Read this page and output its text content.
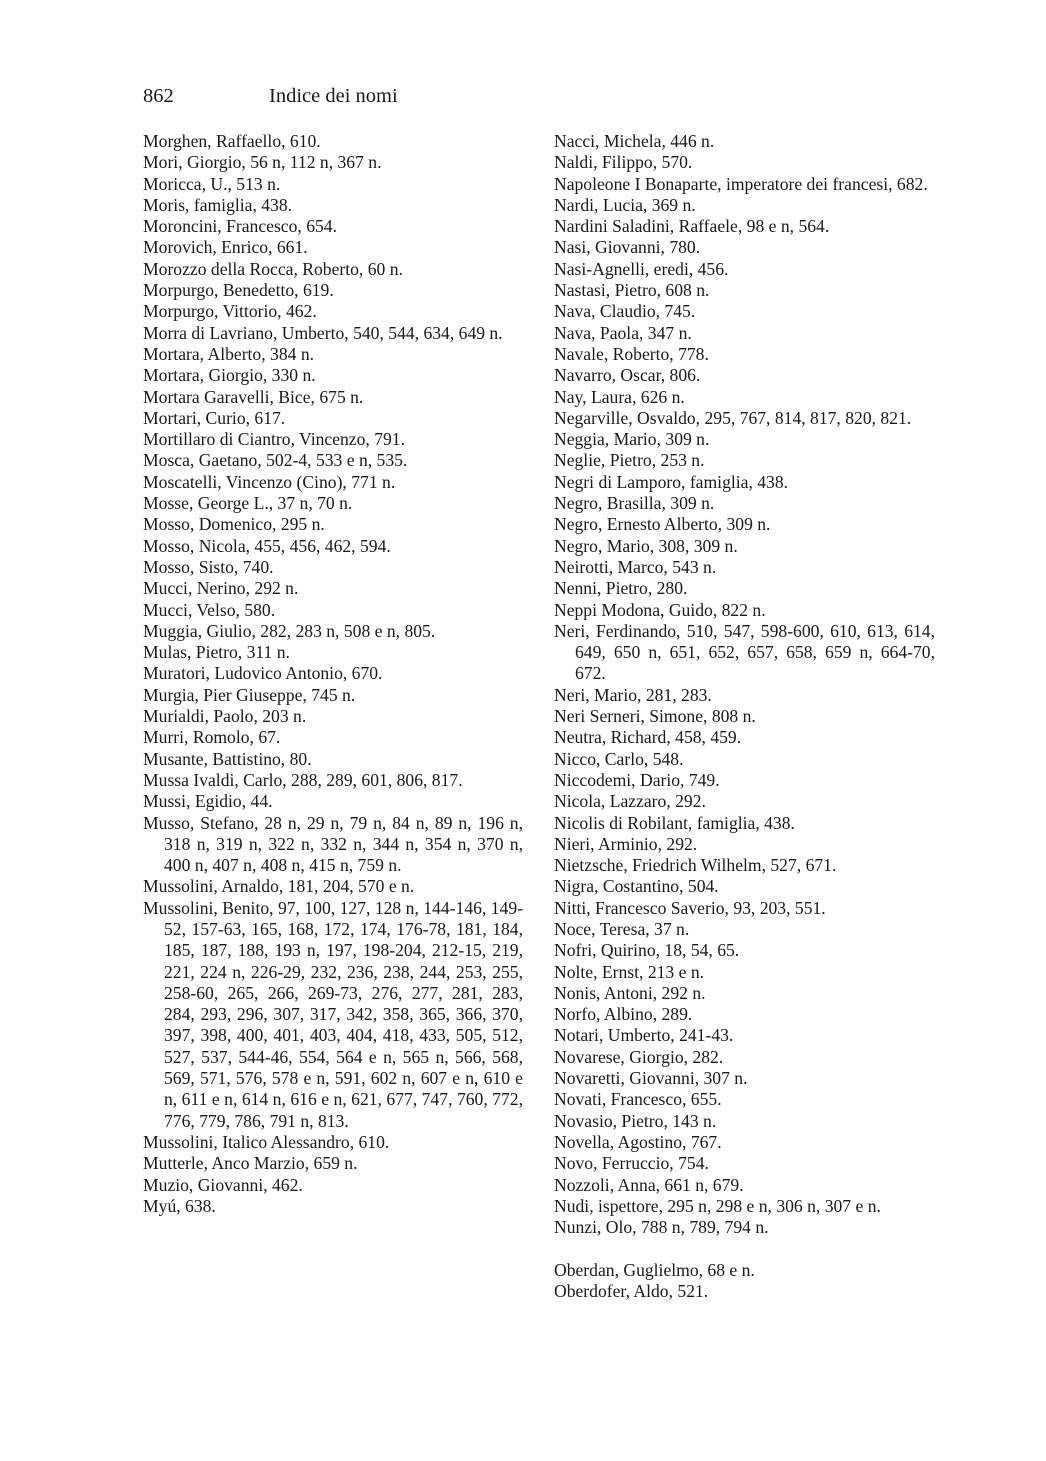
862	Indice dei nomi

Morghen, Raffaello, 610.

Mori, Giorgio, 56 n, 112 n, 367 n.

Moricca, U., 513 n.

Moris, famiglia, 438.

Moroncini, Francesco, 654.

Morovich, Enrico, 661.

Morozzo della Rocca, Roberto, 60 n.

Morpurgo, Benedetto, 619.

Morpurgo, Vittorio, 462.

Morra di Lavriano, Umberto, 540, 544, 634, 649 n.

Mortara, Alberto, 384 n.

Mortara, Giorgio, 330 n.

Mortara Garavelli, Bice, 675 n.

Mortari, Curio, 617.

Mortillaro di Ciantro, Vincenzo, 791.

Mosca, Gaetano, 502-4, 533 e n, 535.

Moscatelli, Vincenzo (Cino), 771 n.

Mosse, George L., 37 n, 70 n.

Mosso, Domenico, 295 n.

Mosso, Nicola, 455, 456, 462, 594.

Mosso, Sisto, 740.

Mucci, Nerino, 292 n.

Mucci, Velso, 580.

Muggia, Giulio, 282, 283 n, 508 e n, 805.

Mulas, Pietro, 311 n.

Muratori, Ludovico Antonio, 670.

Murgia, Pier Giuseppe, 745 n.

Murialdi, Paolo, 203 n.

Murri, Romolo, 67.

Musante, Battistino, 80.

Mussa Ivaldi, Carlo, 288, 289, 601, 806, 817.

Mussi, Egidio, 44.

Musso, Stefano, 28 n, 29 n, 79 n, 84 n, 89 n, 196 n, 318 n, 319 n, 322 n, 332 n, 344 n, 354 n, 370 n, 400 n, 407 n, 408 n, 415 n, 759 n.

Mussolini, Arnaldo, 181, 204, 570 e n.

Mussolini, Benito, 97, 100, 127, 128 n, 144-146, 149-52, 157-63, 165, 168, 172, 174, 176-78, 181, 184, 185, 187, 188, 193 n, 197, 198-204, 212-15, 219, 221, 224 n, 226-29, 232, 236, 238, 244, 253, 255, 258-60, 265, 266, 269-73, 276, 277, 281, 283, 284, 293, 296, 307, 317, 342, 358, 365, 366, 370, 397, 398, 400, 401, 403, 404, 418, 433, 505, 512, 527, 537, 544-46, 554, 564 e n, 565 n, 566, 568, 569, 571, 576, 578 e n, 591, 602 n, 607 e n, 610 e n, 611 e n, 614 n, 616 e n, 621, 677, 747, 760, 772, 776, 779, 786, 791 n, 813.

Mussolini, Italico Alessandro, 610.

Mutterle, Anco Marzio, 659 n.

Muzio, Giovanni, 462.

Myú, 638.

Nacci, Michela, 446 n.

Naldi, Filippo, 570.

Napoleone I Bonaparte, imperatore dei francesi, 682.

Nardi, Lucia, 369 n.

Nardini Saladini, Raffaele, 98 e n, 564.

Nasi, Giovanni, 780.

Nasi-Agnelli, eredi, 456.

Nastasi, Pietro, 608 n.

Nava, Claudio, 745.

Nava, Paola, 347 n.

Navale, Roberto, 778.

Navarro, Oscar, 806.

Nay, Laura, 626 n.

Negarville, Osvaldo, 295, 767, 814, 817, 820, 821.

Neggia, Mario, 309 n.

Neglie, Pietro, 253 n.

Negri di Lamporo, famiglia, 438.

Negro, Brasilla, 309 n.

Negro, Ernesto Alberto, 309 n.

Negro, Mario, 308, 309 n.

Neirotti, Marco, 543 n.

Nenni, Pietro, 280.

Neppi Modona, Guido, 822 n.

Neri, Ferdinando, 510, 547, 598-600, 610, 613, 614, 649, 650 n, 651, 652, 657, 658, 659 n, 664-70, 672.

Neri, Mario, 281, 283.

Neri Serneri, Simone, 808 n.

Neutra, Richard, 458, 459.

Nicco, Carlo, 548.

Niccodemi, Dario, 749.

Nicola, Lazzaro, 292.

Nicolis di Robilant, famiglia, 438.

Nieri, Arminio, 292.

Nietzsche, Friedrich Wilhelm, 527, 671.

Nigra, Costantino, 504.

Nitti, Francesco Saverio, 93, 203, 551.

Noce, Teresa, 37 n.

Nofri, Quirino, 18, 54, 65.

Nolte, Ernst, 213 e n.

Nonis, Antoni, 292 n.

Norfo, Albino, 289.

Notari, Umberto, 241-43.

Novarese, Giorgio, 282.

Novaretti, Giovanni, 307 n.

Novati, Francesco, 655.

Novasio, Pietro, 143 n.

Novella, Agostino, 767.

Novo, Ferruccio, 754.

Nozzoli, Anna, 661 n, 679.

Nudi, ispettore, 295 n, 298 e n, 306 n, 307 e n.

Nunzi, Olo, 788 n, 789, 794 n.

Oberdan, Guglielmo, 68 e n.

Oberdofer, Aldo, 521.
